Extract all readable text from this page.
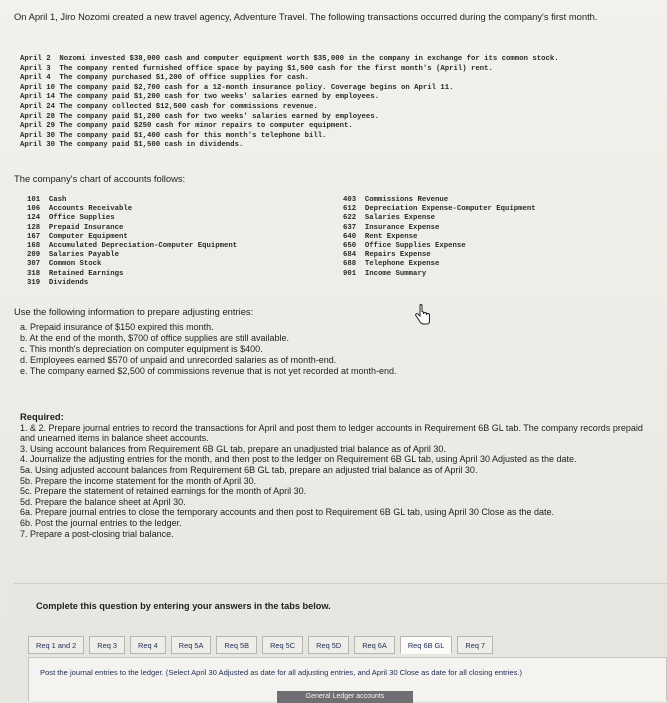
On April 1, Jiro Nozomi created a new travel agency, Adventure Travel. The following transactions occurred during the company's first month.
April 2  Nozomi invested $38,000 cash and computer equipment worth $35,000 in the company in exchange for its common stock.
April 3  The company rented furnished office space by paying $1,500 cash for the first month's (April) rent.
April 4  The company purchased $1,200 of office supplies for cash.
April 10 The company paid $2,700 cash for a 12-month insurance policy. Coverage begins on April 11.
April 14 The company paid $1,200 cash for two weeks' salaries earned by employees.
April 24 The company collected $12,500 cash for commissions revenue.
April 28 The company paid $1,200 cash for two weeks' salaries earned by employees.
April 29 The company paid $250 cash for minor repairs to computer equipment.
April 30 The company paid $1,400 cash for this month's telephone bill.
April 30 The company paid $1,500 cash in dividends.
The company's chart of accounts follows:
101  Cash
106  Accounts Receivable
124  Office Supplies
128  Prepaid Insurance
167  Computer Equipment
168  Accumulated Depreciation-Computer Equipment
209  Salaries Payable
307  Common Stock
318  Retained Earnings
319  Dividends
403  Commissions Revenue
612  Depreciation Expense-Computer Equipment
622  Salaries Expense
637  Insurance Expense
640  Rent Expense
650  Office Supplies Expense
684  Repairs Expense
688  Telephone Expense
901  Income Summary
Use the following information to prepare adjusting entries:
a. Prepaid insurance of $150 expired this month.
b. At the end of the month, $700 of office supplies are still available.
c. This month's depreciation on computer equipment is $400.
d. Employees earned $570 of unpaid and unrecorded salaries as of month-end.
e. The company earned $2,500 of commissions revenue that is not yet recorded at month-end.
Required:
1. & 2. Prepare journal entries to record the transactions for April and post them to ledger accounts in Requirement 6B GL tab. The company records prepaid and unearned items in balance sheet accounts.
3. Using account balances from Requirement 6B GL tab, prepare an unadjusted trial balance as of April 30.
4. Journalize the adjusting entries for the month, and then post to the ledger on Requirement 6B GL tab, using April 30 Adjusted as the date.
5a. Using adjusted account balances from Requirement 6B GL tab, prepare an adjusted trial balance as of April 30.
5b. Prepare the income statement for the month of April 30.
5c. Prepare the statement of retained earnings for the month of April 30.
5d. Prepare the balance sheet at April 30.
6a. Prepare journal entries to close the temporary accounts and then post to Requirement 6B GL tab, using April 30 Close as the date.
6b. Post the journal entries to the ledger.
7. Prepare a post-closing trial balance.
Complete this question by entering your answers in the tabs below.
Req 1 and 2	Req 3	Req 4	Req 5A	Req 5B	Req 5C	Req 5D	Req 6A	Req 6B GL	Req 7
Post the journal entries to the ledger. (Select April 30 Adjusted as date for all adjusting entries, and April 30 Close as date for all closing entries.)
General Ledger accounts
